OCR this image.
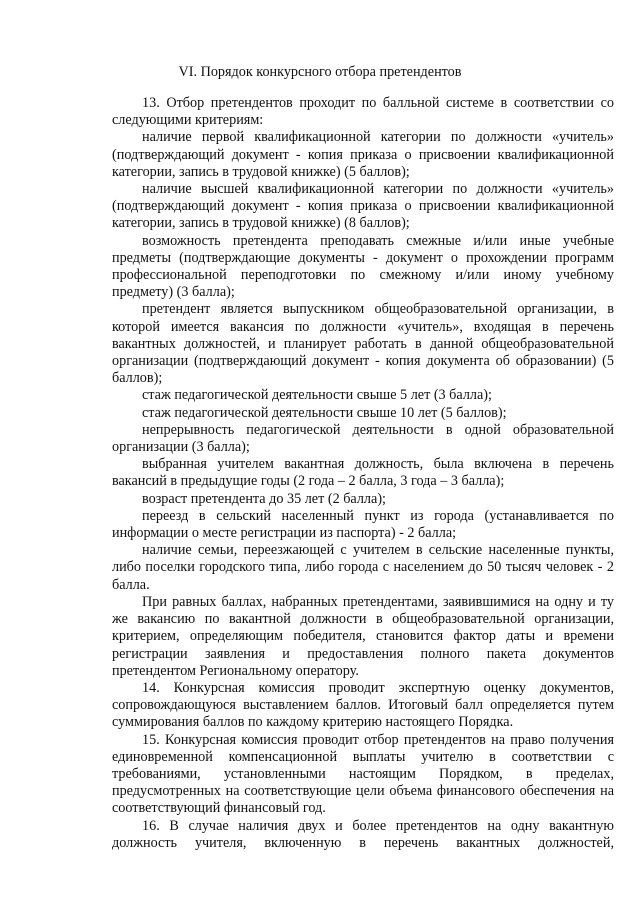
VI. Порядок конкурсного отбора претендентов

13. Отбор претендентов проходит по балльной системе в соответствии со следующими критериям:

наличие первой квалификационной категории по должности «учитель» (подтверждающий документ - копия приказа о присвоении квалификационной категории, запись в трудовой книжке) (5 баллов);

наличие высшей квалификационной категории по должности «учитель» (подтверждающий документ - копия приказа о присвоении квалификационной категории, запись в трудовой книжке) (8 баллов);

возможность претендента преподавать смежные и/или иные учебные предметы (подтверждающие документы - документ о прохождении программ профессиональной переподготовки по смежному и/или иному учебному предмету) (3 балла);

претендент является выпускником общеобразовательной организации, в которой имеется вакансия по должности «учитель», входящая в перечень вакантных должностей, и планирует работать в данной общеобразовательной организации (подтверждающий документ - копия документа об образовании) (5 баллов);

стаж педагогической деятельности свыше 5 лет (3 балла);

стаж педагогической деятельности свыше 10 лет (5 баллов);

непрерывность педагогической деятельности в одной образовательной организации (3 балла);

выбранная учителем вакантная должность, была включена в перечень вакансий в предыдущие годы (2 года – 2 балла, 3 года – 3 балла);

возраст претендента до 35 лет (2 балла);

переезд в сельский населенный пункт из города (устанавливается по информации о месте регистрации из паспорта) - 2 балла;

наличие семьи, переезжающей с учителем в сельские населенные пункты, либо поселки городского типа, либо города с населением до 50 тысяч человек - 2 балла.

При равных баллах, набранных претендентами, заявившимися на одну и ту же вакансию по вакантной должности в общеобразовательной организации, критерием, определяющим победителя, становится фактор даты и времени регистрации заявления и предоставления полного пакета документов претендентом Региональному оператору.

14. Конкурсная комиссия проводит экспертную оценку документов, сопровождающуюся выставлением баллов. Итоговый балл определяется путем суммирования баллов по каждому критерию настоящего Порядка.

15. Конкурсная комиссия проводит отбор претендентов на право получения единовременной компенсационной выплаты учителю в соответствии с требованиями, установленными настоящим Порядком, в пределах, предусмотренных на соответствующие цели объема финансового обеспечения на соответствующий финансовый год.

16. В случае наличия двух и более претендентов на одну вакантную должность учителя, включенную в перечень вакантных должностей,
